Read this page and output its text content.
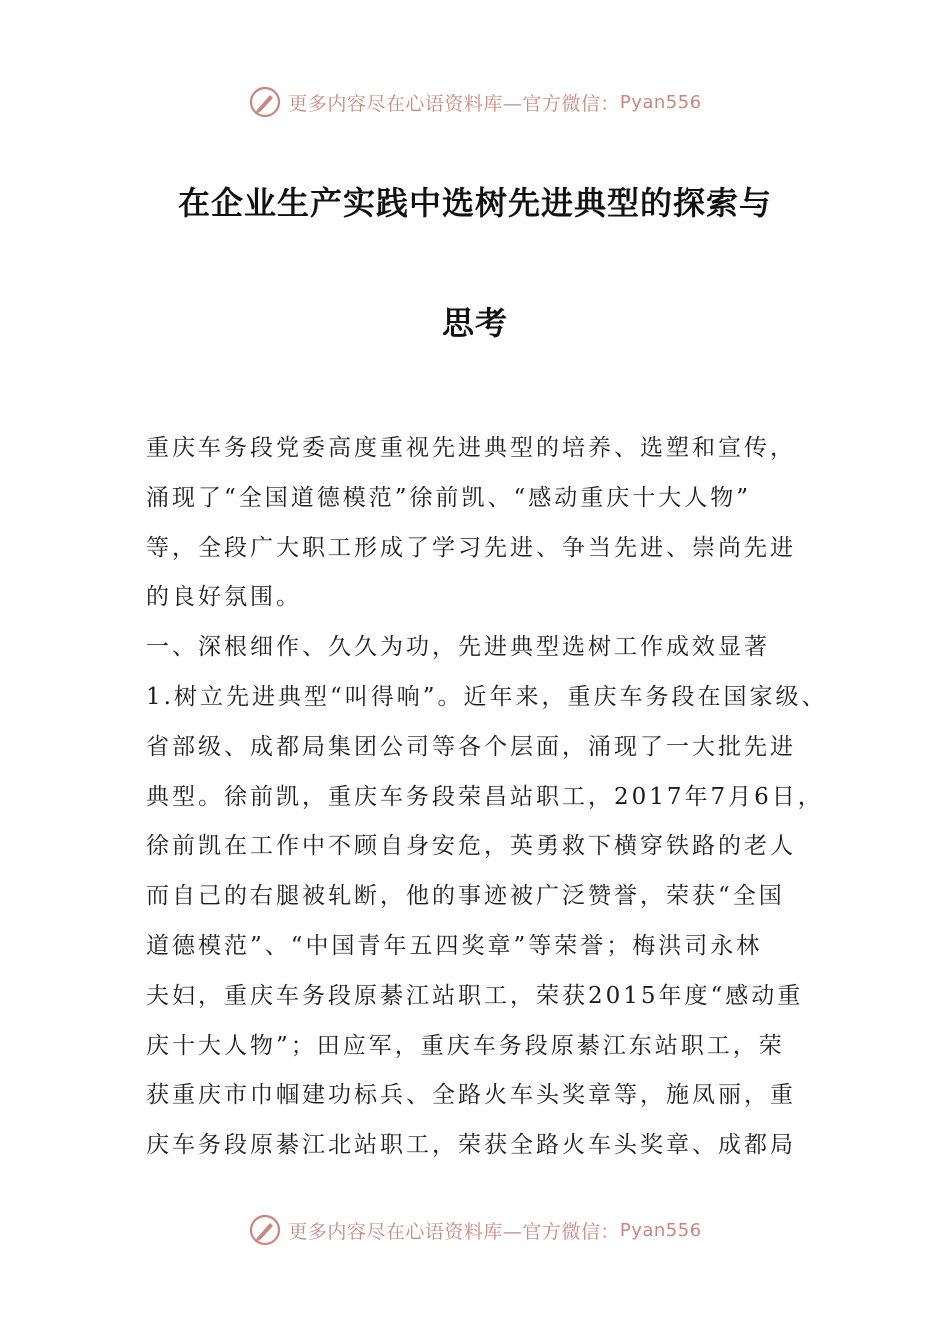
更多内容尽在心语资料库—官方微信： Pyan556
在企业生产实践中选树先进典型的探索与
思考
重庆车务段党委高度重视先进典型的培养、选塑和宣传，
涌现了“全国道德模范”徐前凯、“感动重庆十大人物”
等，全段广大职工形成了学习先进、争当先进、崇尚先进
的良好氛围。
一、深根细作、久久为功，先进典型选树工作成效显著
1.树立先进典型“叫得响”。近年来，重庆车务段在国家级、
省部级、成都局集团公司等各个层面，涌现了一大批先进
典型。徐前凯，重庆车务段荣昌站职工，2017年7月6日，
徐前凯在工作中不顾自身安危，英勇救下横穿铁路的老人
而自己的右腿被轧断，他的事迹被广泛赞誉，荣获“全国
道德模范”、“中国青年五四奖章”等荣誉；梅洪司永林
夫妇，重庆车务段原綦江站职工，荣获2015年度“感动重
庆十大人物”；田应军，重庆车务段原綦江东站职工，荣
获重庆市巾帼建功标兵、全路火车头奖章等，施凤丽，重
庆车务段原綦江北站职工，荣获全路火车头奖章、成都局
更多内容尽在心语资料库—官方微信： Pyan556
